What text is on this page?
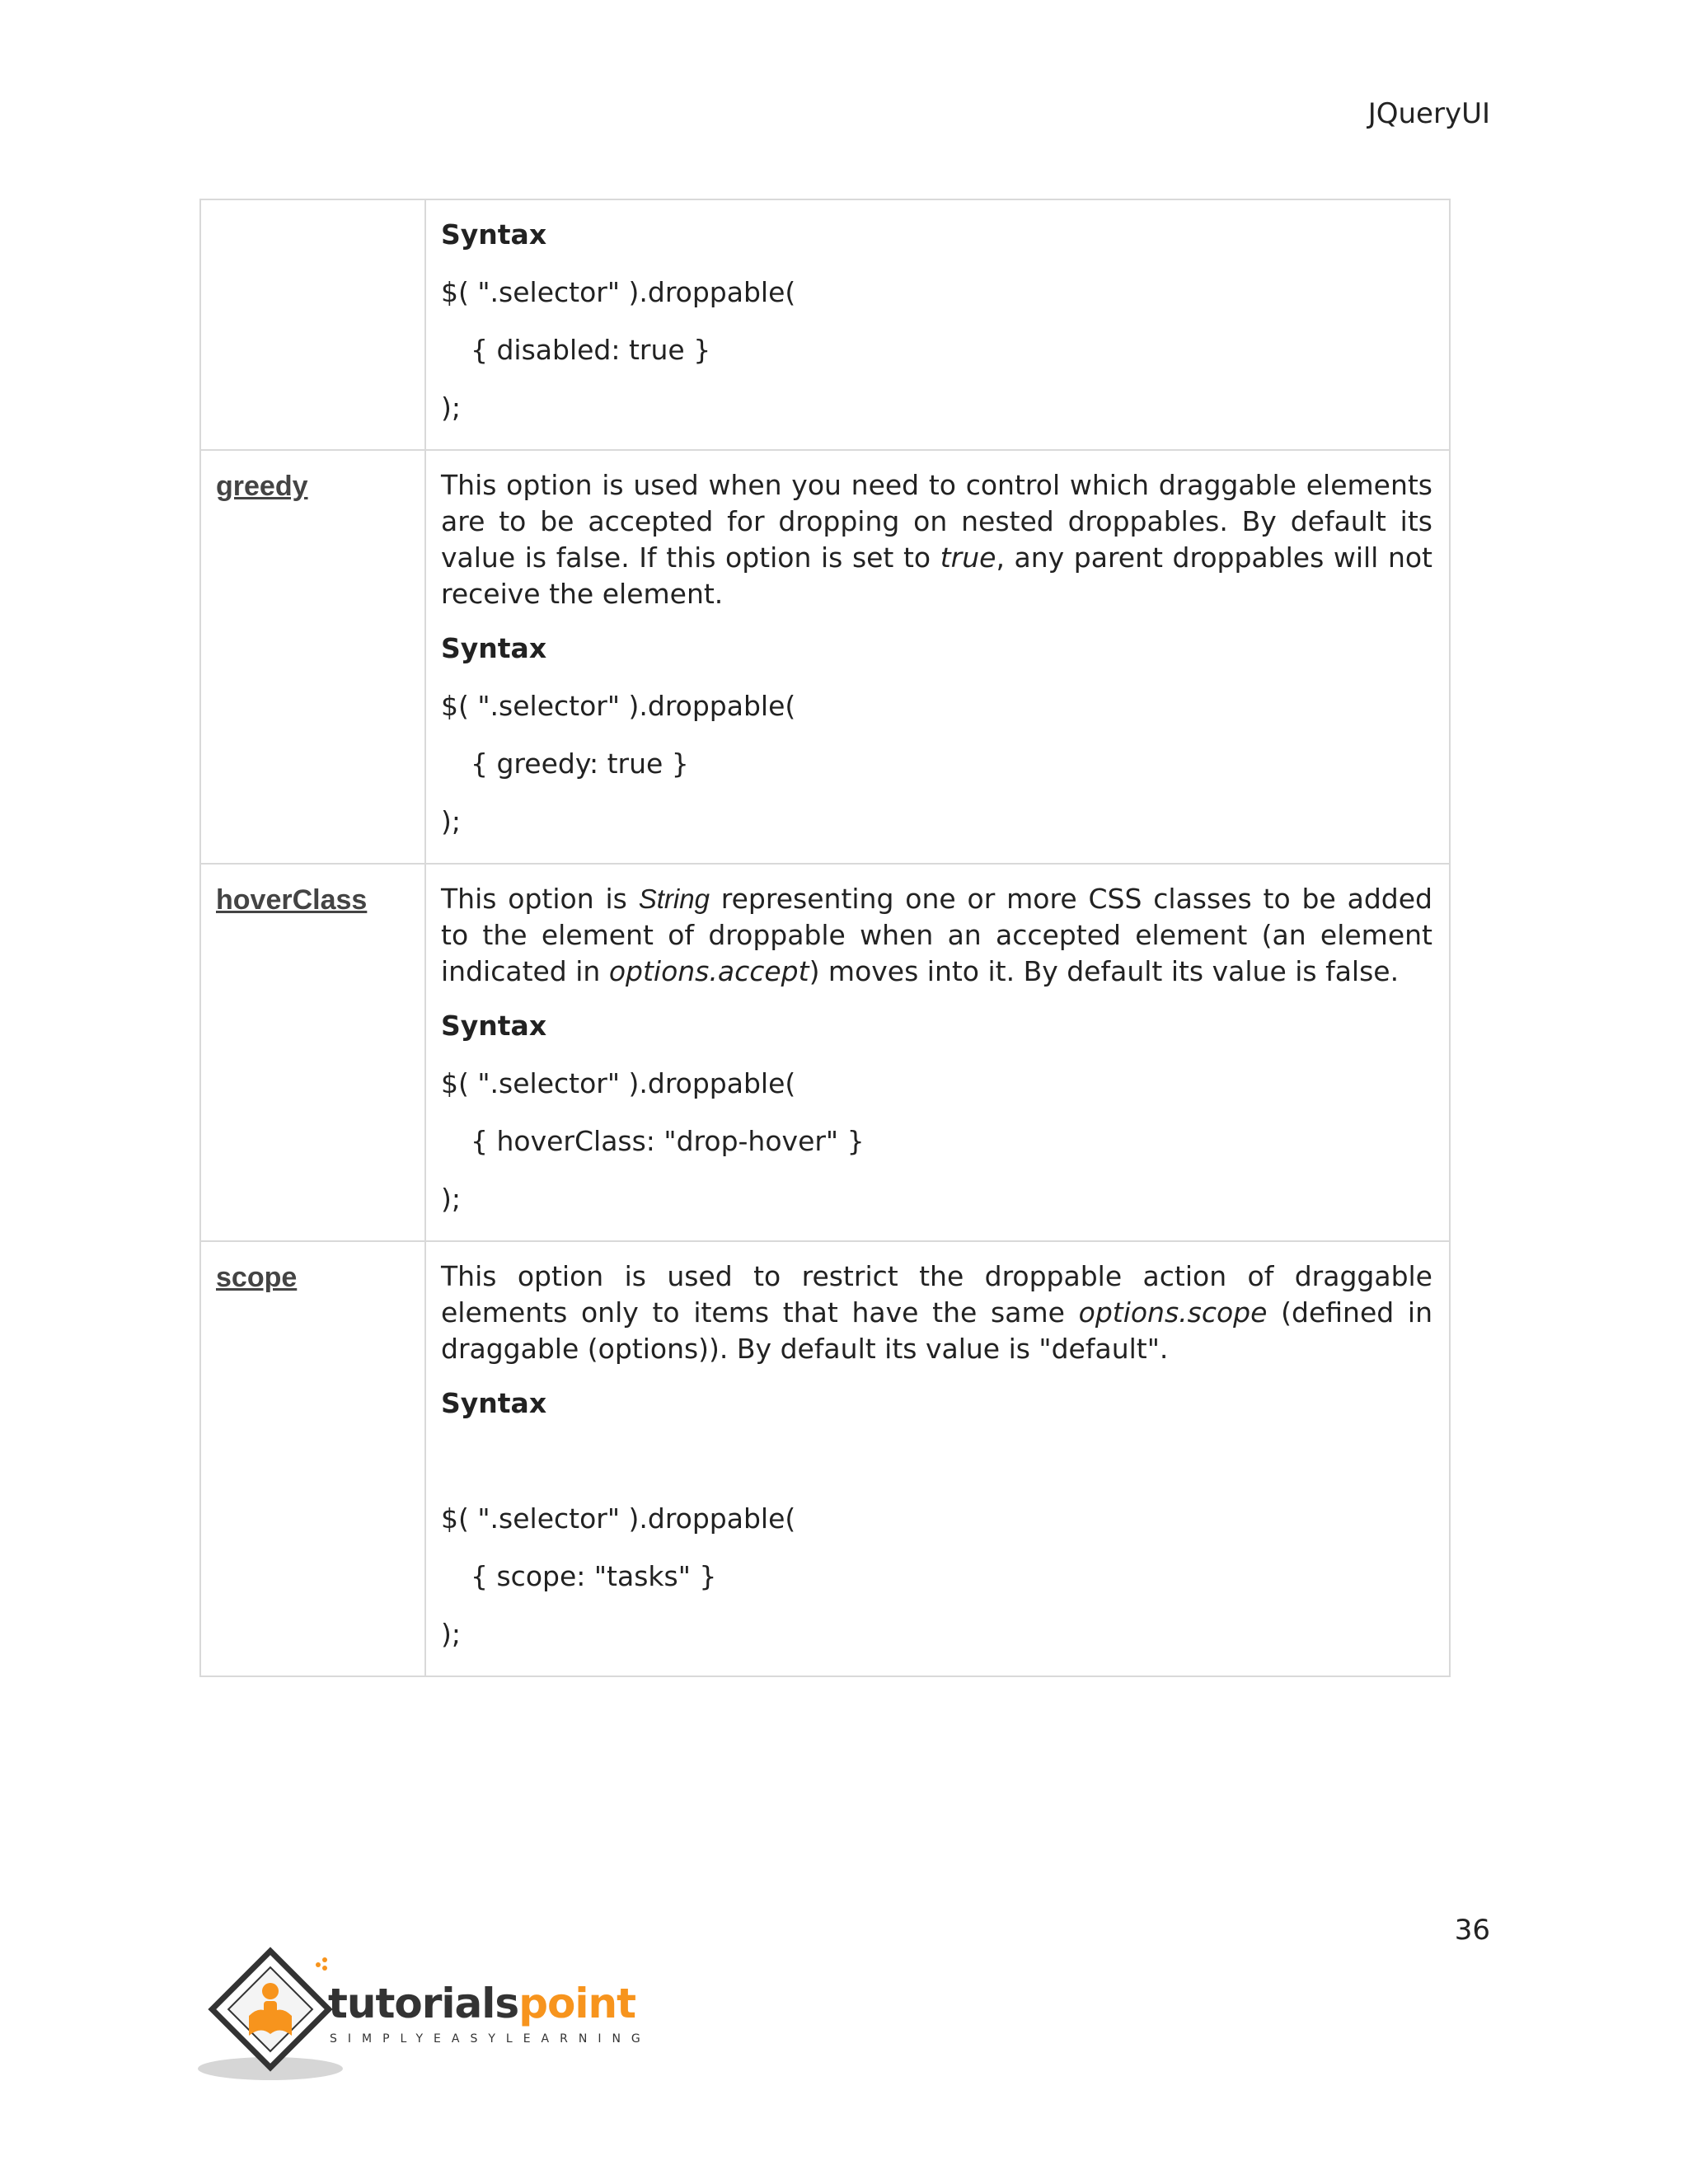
JQueryUI

	Syntax
$( ".selector" ).droppable(
{ disabled: true }
);

greedy	This option is used when you need to control which draggable elements are to be accepted for dropping on nested droppables. By default its value is false. If this option is set to true, any parent droppables will not receive the element.

Syntax
$( ".selector" ).droppable(
{ greedy: true }
);

hoverClass	This option is String representing one or more CSS classes to be added to the element of droppable when an accepted element (an element indicated in options.accept) moves into it. By default its value is false.

Syntax
$( ".selector" ).droppable(
{ hoverClass: "drop-hover" }
);

scope	This option is used to restrict the droppable action of draggable elements only to items that have the same options.scope (defined in draggable (options)). By default its value is "default".

Syntax
$( ".selector" ).droppable(
{ scope: "tasks" }
);
36
tutorialspoint
SIMPLYEASYLEARNING
